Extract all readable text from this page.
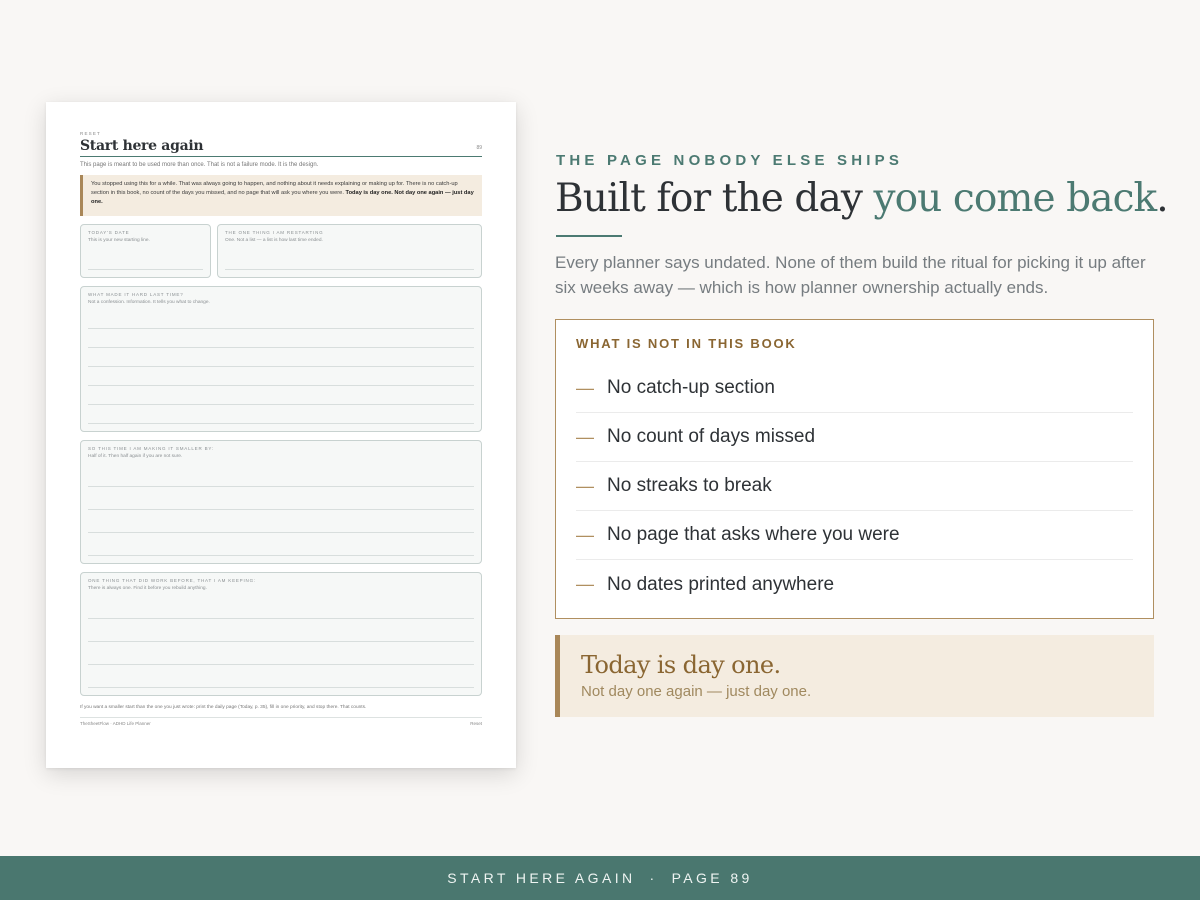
RESET
Start here again	89
This page is meant to be used more than once. That is not a failure mode. It is the design.
You stopped using this for a while. That was always going to happen, and nothing about it needs explaining or making up for. There is no catch-up section in this book, no count of the days you missed, and no page that will ask you where you were. Today is day one. Not day one again — just day one.
TODAY'S DATE
This is your new starting line.
THE ONE THING I AM RESTARTING
One. Not a list — a list is how last time ended.
WHAT MADE IT HARD LAST TIME?
Not a confession. Information. It tells you what to change.
SO THIS TIME I AM MAKING IT SMALLER BY:
Half of it. Then half again if you are not sure.
ONE THING THAT DID WORK BEFORE, THAT I AM KEEPING:
There is always one. Find it before you rebuild anything.
If you want a smaller start than the one you just wrote: print the daily page (Today, p. 35), fill in one priority, and stop there. That counts.
TheSheetFlow · ADHD Life Planner	Reset
THE PAGE NOBODY ELSE SHIPS
Built for the day you come back.
Every planner says undated. None of them build the ritual for picking it up after six weeks away — which is how planner ownership actually ends.
WHAT IS NOT IN THIS BOOK
— No catch-up section
— No count of days missed
— No streaks to break
— No page that asks where you were
— No dates printed anywhere
Today is day one.
Not day one again — just day one.
START HERE AGAIN · PAGE 89
